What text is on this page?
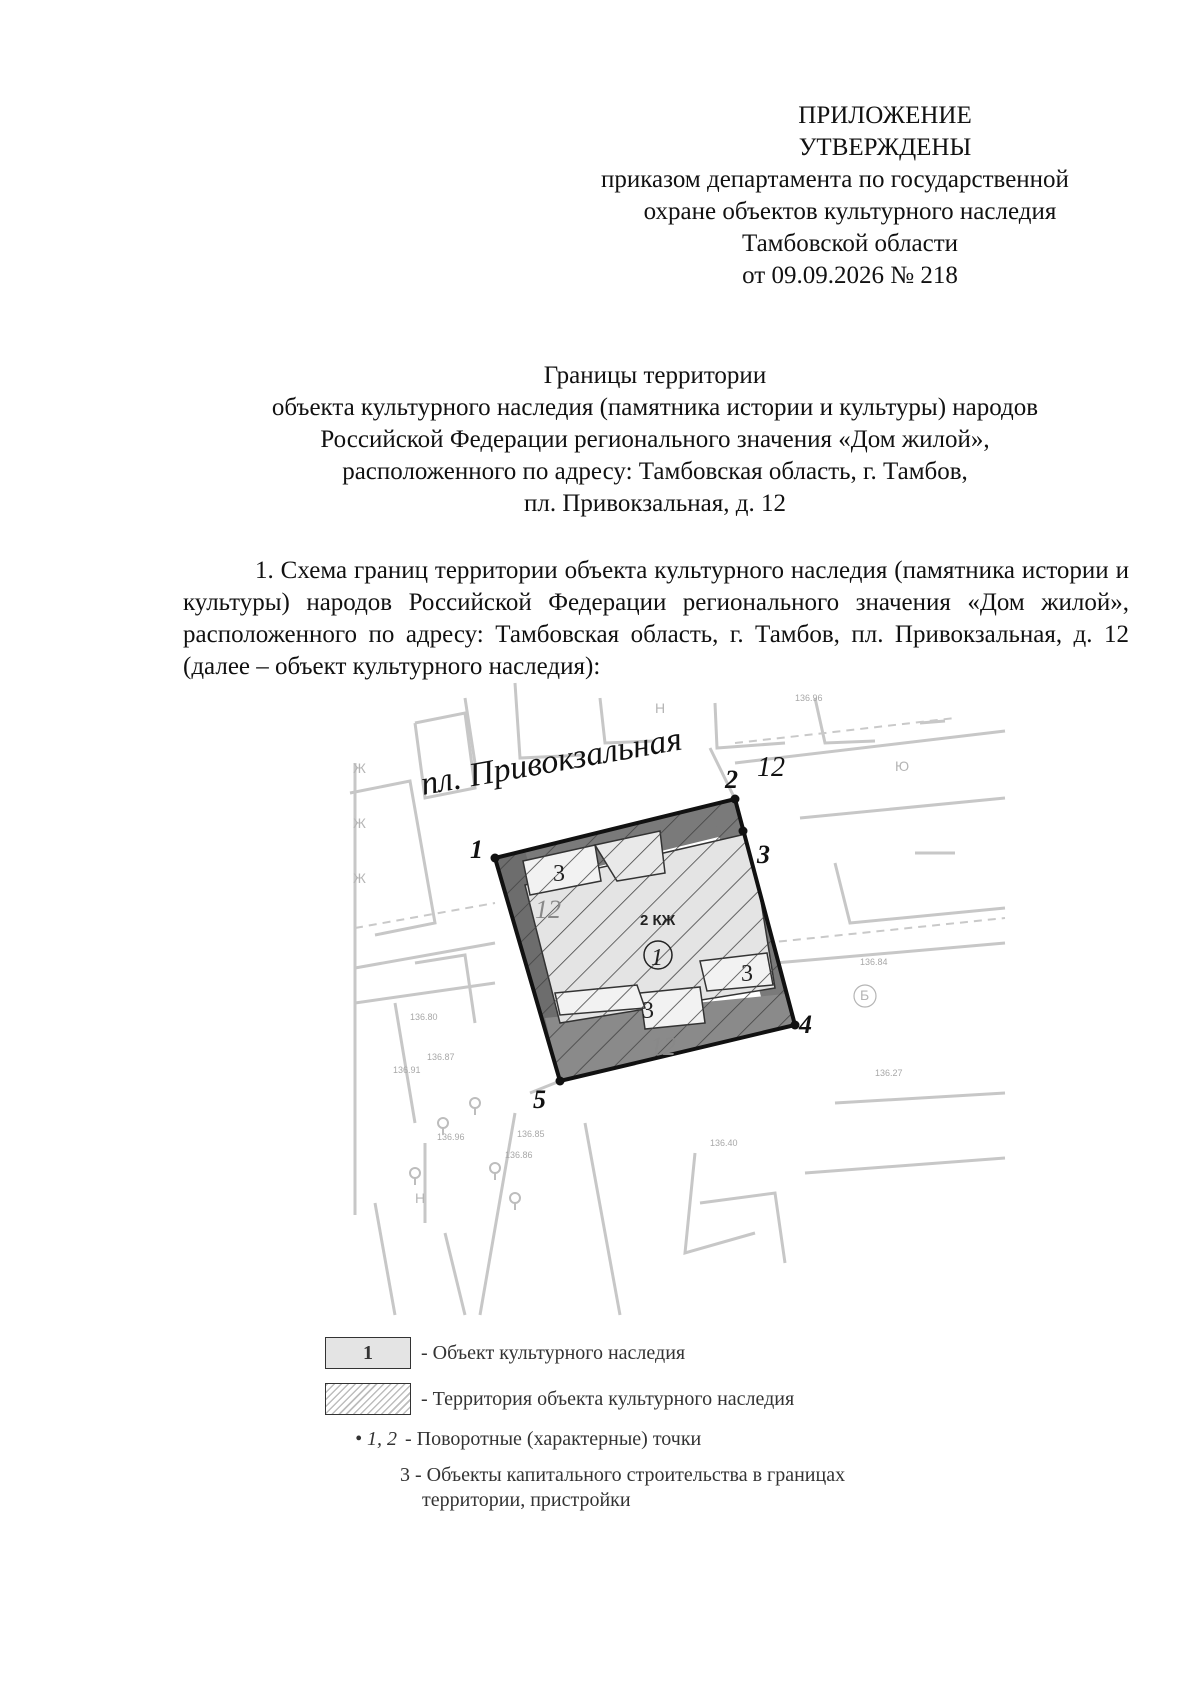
ПРИЛОЖЕНИЕ
УТВЕРЖДЕНЫ
приказом департамента по государственной
охране объектов культурного наследия
Тамбовской области
от 09.09.2026 № 218
Границы территории
объекта культурного наследия (памятника истории и культуры) народов
Российской Федерации регионального значения «Дом жилой»,
расположенного по адресу: Тамбовская область, г. Тамбов,
пл. Привокзальная, д. 12
1. Схема границ территории объекта культурного наследия (памятника истории и культуры) народов Российской Федерации регионального значения «Дом жилой», расположенного по адресу: Тамбовская область, г. Тамбов, пл. Привокзальная, д. 12 (далее – объект культурного наследия):
пл. Привокзальная	12
1
2
3
4
5
1
2 КЖ
12
12
3
3
3
136.96
136.84
136.80
136.87
136.91	136.27
136.96	136.85
136.86
136.40
Н
Н
Ж
Ж
Ж	Ю
Б
1	- Объект культурного наследия
- Территория объекта культурного наследия
• 1, 2 - Поворотные (характерные) точки
3 - Объекты капитального строительства в границах
территории, пристройки
